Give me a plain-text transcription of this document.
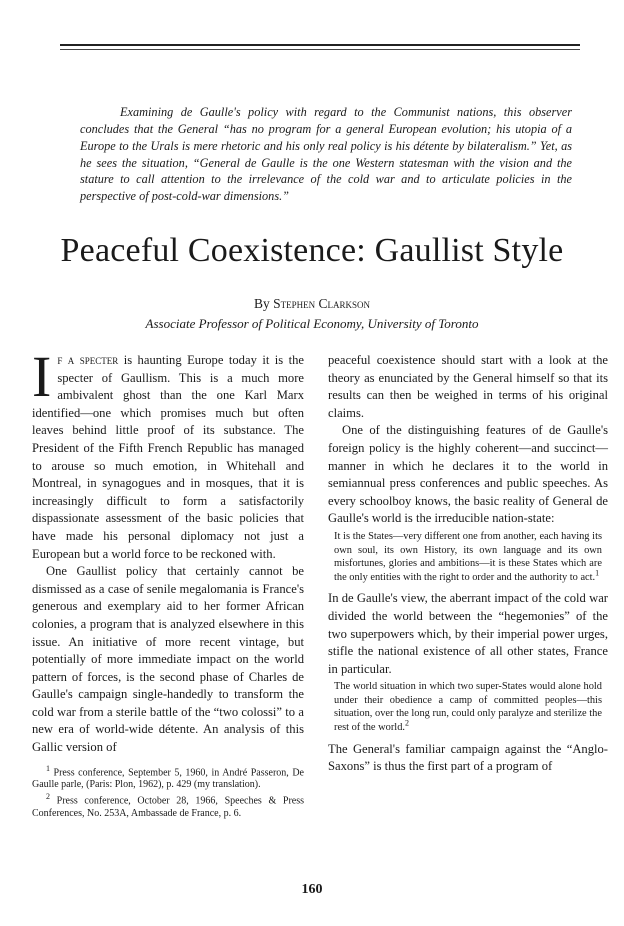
Examining de Gaulle's policy with regard to the Communist nations, this observer concludes that the General “has no program for a general European evolution; his utopia of a Europe to the Urals is mere rhetoric and his only real policy is his détente by bilateralism.” Yet, as he sees the situation, “General de Gaulle is the one Western statesman with the vision and the stature to call attention to the irrelevance of the cold war and to articulate policies in the perspective of post-cold-war dimensions.”

Peaceful Coexistence: Gaullist Style
By Stephen Clarkson
Associate Professor of Political Economy, University of Toronto

If a specter is haunting Europe today it is the specter of Gaullism. This is a much more ambivalent ghost than the one Karl Marx identified—one which promises much but often leaves behind little proof of its substance. The President of the Fifth French Republic has managed to arouse so much emotion, in Whitehall and Montreal, in synagogues and in mosques, that it is increasingly difficult to form a satisfactorily dispassionate assessment of the basic policies that have made his personal diplomacy not just a European but a world force to be reckoned with.

One Gaullist policy that certainly cannot be dismissed as a case of senile megalomania is France's generous and exemplary aid to her former African colonies, a program that is analyzed elsewhere in this issue. An initiative of more recent vintage, but potentially of more immediate impact on the world pattern of forces, is the second phase of Charles de Gaulle's campaign single-handedly to transform the cold war from a sterile battle of the “two colossi” to a new era of world-wide détente. An analysis of this Gallic version of

$^1$ Press conference, September 5, 1960, in André Passeron, De Gaulle parle, (Paris: Plon, 1962), p. 429 (my translation).

$^2$ Press conference, October 28, 1966, Speeches & Press Conferences, No. 253A, Ambassade de France, p. 6.

peaceful coexistence should start with a look at the theory as enunciated by the General himself so that its results can then be weighed in terms of his original claims.

One of the distinguishing features of de Gaulle's foreign policy is the highly coherent—and succinct—manner in which he declares it to the world in semiannual press conferences and public speeches. As every schoolboy knows, the basic reality of General de Gaulle's world is the irreducible nation-state:

It is the States—very different one from another, each having its own soul, its own History, its own language and its own misfortunes, glories and ambitions—it is these States which are the only entities with the right to order and the authority to act.$^1$

In de Gaulle's view, the aberrant impact of the cold war divided the world between the “hegemonies” of the two superpowers which, by their imperial power urges, stifle the national existence of all other states, France in particular.

The world situation in which two super-States would alone hold under their obedience a camp of committed peoples—this situation, over the long run, could only paralyze and sterilize the rest of the world.$^2$

The General's familiar campaign against the “Anglo-Saxons” is thus the first part of a program of

160
